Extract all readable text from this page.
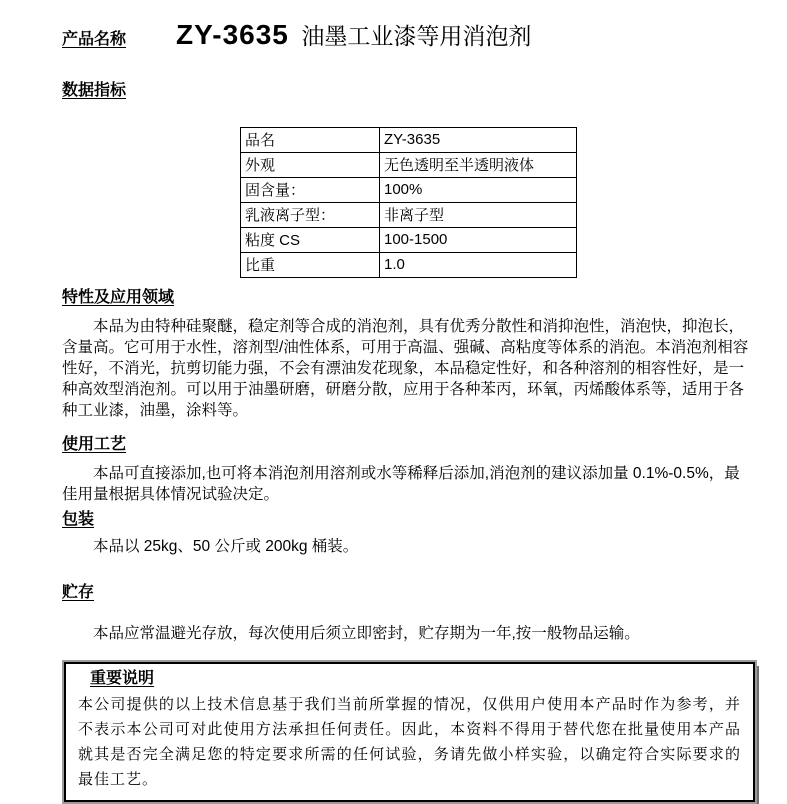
产品名称 ZY-3635 油墨工业漆等用消泡剂
数据指标
品名	ZY-3635
外观	无色透明至半透明液体
固含量：	100%
乳液离子型：	非离子型
粘度 CS	100-1500
比重	1.0
特性及应用领域

本品为由特种硅聚醚，稳定剂等合成的消泡剂，具有优秀分散性和消抑泡性，消泡快，抑泡长，含量高。它可用于水性，溶剂型/油性体系，可用于高温、强碱、高粘度等体系的消泡。本消泡剂相容性好，不消光，抗剪切能力强，不会有漂油发花现象，本品稳定性好，和各种溶剂的相容性好，是一种高效型消泡剂。可以用于油墨研磨，研磨分散，应用于各种苯丙，环氧，丙烯酸体系等，适用于各种工业漆，油墨，涂料等。

使用工艺

本品可直接添加,也可将本消泡剂用溶剂或水等稀释后添加,消泡剂的建议添加量 0.1%-0.5%，最佳用量根据具体情况试验决定。

包装

本品以 25kg、50 公斤或 200kg 桶装。

贮存

本品应常温避光存放，每次使用后须立即密封，贮存期为一年,按一般物品运输。

重要说明
本公司提供的以上技术信息基于我们当前所掌握的情况，仅供用户使用本产品时作为参考，并不表示本公司可对此使用方法承担任何责任。因此，本资料不得用于替代您在批量使用本产品就其是否完全满足您的特定要求所需的任何试验，务请先做小样实验，以确定符合实际要求的最佳工艺。
